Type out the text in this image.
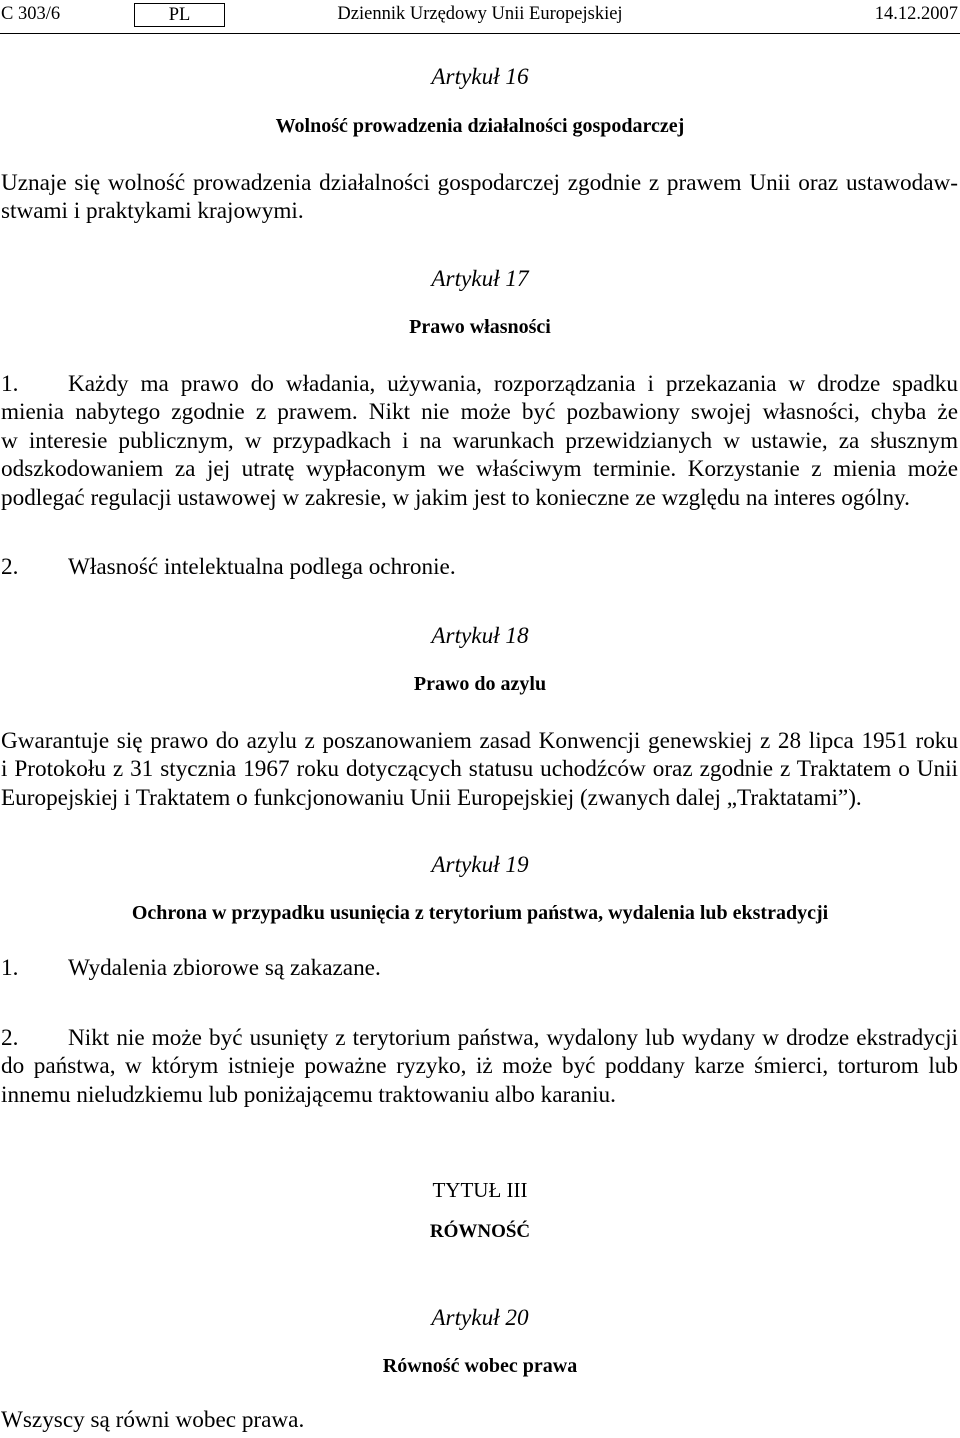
C 303/6	PL	Dziennik Urzędowy Unii Europejskiej	14.12.2007
Artykuł 16
Wolność prowadzenia działalności gospodarczej
Uznaje się wolność prowadzenia działalności gospodarczej zgodnie z prawem Unii oraz ustawodaw-
stwami i praktykami krajowymi.
Artykuł 17
Prawo własności
1.	Każdy ma prawo do władania, używania, rozporządzania i przekazania w drodze spadku
mienia nabytego zgodnie z prawem. Nikt nie może być pozbawiony swojej własności, chyba że
w interesie publicznym, w przypadkach i na warunkach przewidzianych w ustawie, za słusznym
odszkodowaniem za jej utratę wypłaconym we właściwym terminie. Korzystanie z mienia może
podlegać regulacji ustawowej w zakresie, w jakim jest to konieczne ze względu na interes ogólny.
2.	Własność intelektualna podlega ochronie.
Artykuł 18
Prawo do azylu
Gwarantuje się prawo do azylu z poszanowaniem zasad Konwencji genewskiej z 28 lipca 1951 roku
i Protokołu z 31 stycznia 1967 roku dotyczących statusu uchodźców oraz zgodnie z Traktatem o Unii
Europejskiej i Traktatem o funkcjonowaniu Unii Europejskiej (zwanych dalej „Traktatami”).
Artykuł 19
Ochrona w przypadku usunięcia z terytorium państwa, wydalenia lub ekstradycji
1.	Wydalenia zbiorowe są zakazane.
2.	Nikt nie może być usunięty z terytorium państwa, wydalony lub wydany w drodze ekstradycji
do państwa, w którym istnieje poważne ryzyko, iż może być poddany karze śmierci, torturom lub
innemu nieludzkiemu lub poniżającemu traktowaniu albo karaniu.
TYTUŁ III
RÓWNOŚĆ
Artykuł 20
Równość wobec prawa
Wszyscy są równi wobec prawa.
